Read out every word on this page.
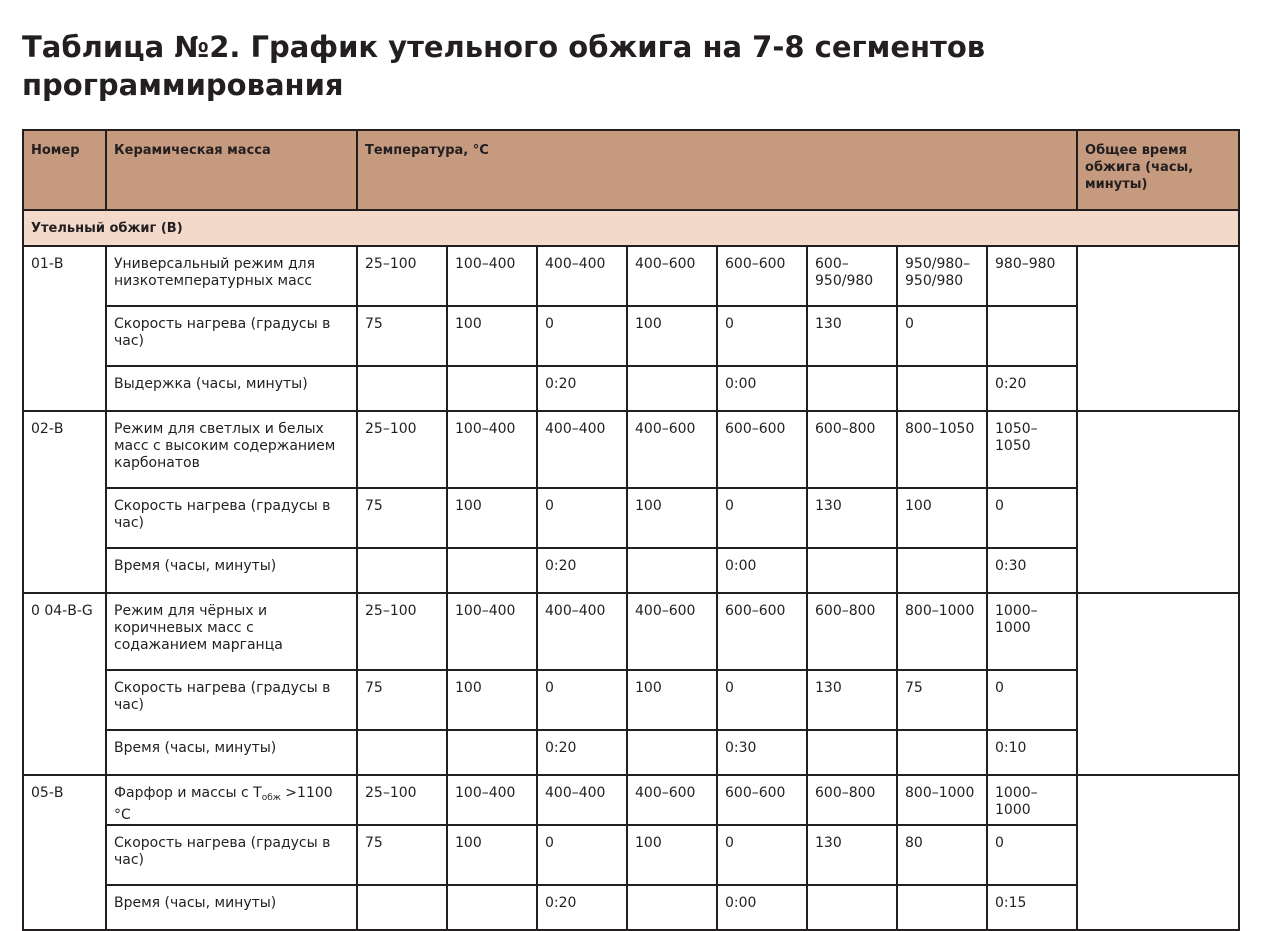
Таблица №2. График утельного обжига на 7-8 сегментов программирования
Номер	Керамическая масса	Температура, °С								Общее время обжига (часы, минуты)
Утельный обжиг (В)										
01-В	Универсальный режим для низкотемпературных масс	25–100	100–400	400–400	400–600	600–600	600–950/980	950/980–950/980	980–980	
	Скорость нагрева (градусы в час)	75	100	0	100	0	130	0		
	Выдержка (часы, минуты)			0:20		0:00			0:20	
02-В	Режим для светлых и белых масс с высоким содержанием карбонатов	25–100	100–400	400–400	400–600	600–600	600–800	800–1050	1050–1050	
	Скорость нагрева (градусы в час)	75	100	0	100	0	130	100	0	
	Время (часы, минуты)			0:20		0:00			0:30	
0 04-В-G	Режим для чёрных и коричневых масс с содажанием марганца	25–100	100–400	400–400	400–600	600–600	600–800	800–1000	1000–1000	
	Скорость нагрева (градусы в час)	75	100	0	100	0	130	75	0	
	Время (часы, минуты)			0:20		0:30			0:10	
05-В	Фарфор и массы с $Т_{обж} >1100$ °С	25–100	100–400	400–400	400–600	600–600	600–800	800–1000	1000–1000	
	Скорость нагрева (градусы в час)	75	100	0	100	0	130	80	0	
	Время (часы, минуты)			0:20		0:00			0:15	
